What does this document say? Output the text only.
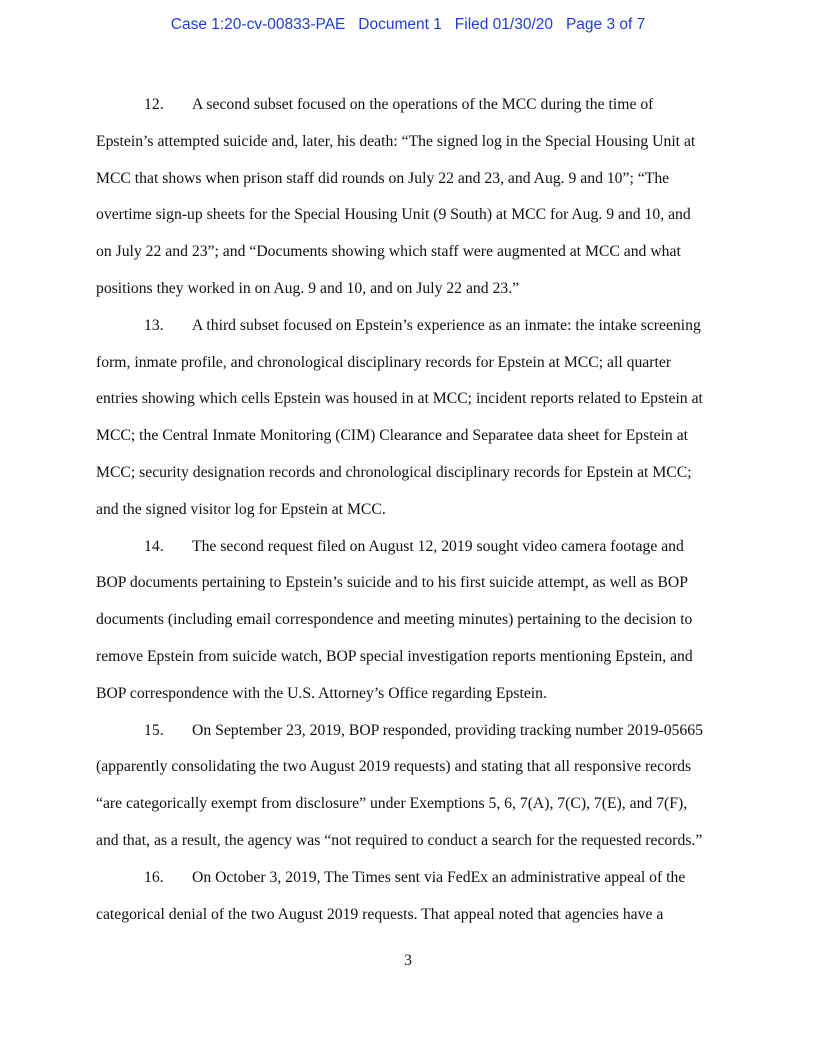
Case 1:20-cv-00833-PAE   Document 1   Filed 01/30/20   Page 3 of 7
12. A second subset focused on the operations of the MCC during the time of
Epstein’s attempted suicide and, later, his death: “The signed log in the Special Housing Unit at
MCC that shows when prison staff did rounds on July 22 and 23, and Aug. 9 and 10”; “The
overtime sign-up sheets for the Special Housing Unit (9 South) at MCC for Aug. 9 and 10, and
on July 22 and 23”; and “Documents showing which staff were augmented at MCC and what
positions they worked in on Aug. 9 and 10, and on July 22 and 23.”
13. A third subset focused on Epstein’s experience as an inmate: the intake screening
form, inmate profile, and chronological disciplinary records for Epstein at MCC; all quarter
entries showing which cells Epstein was housed in at MCC; incident reports related to Epstein at
MCC; the Central Inmate Monitoring (CIM) Clearance and Separatee data sheet for Epstein at
MCC; security designation records and chronological disciplinary records for Epstein at MCC;
and the signed visitor log for Epstein at MCC.
14. The second request filed on August 12, 2019 sought video camera footage and
BOP documents pertaining to Epstein’s suicide and to his first suicide attempt, as well as BOP
documents (including email correspondence and meeting minutes) pertaining to the decision to
remove Epstein from suicide watch, BOP special investigation reports mentioning Epstein, and
BOP correspondence with the U.S. Attorney’s Office regarding Epstein.
15. On September 23, 2019, BOP responded, providing tracking number 2019-05665
(apparently consolidating the two August 2019 requests) and stating that all responsive records
“are categorically exempt from disclosure” under Exemptions 5, 6, 7(A), 7(C), 7(E), and 7(F),
and that, as a result, the agency was “not required to conduct a search for the requested records.”
16. On October 3, 2019, The Times sent via FedEx an administrative appeal of the
categorical denial of the two August 2019 requests. That appeal noted that agencies have a
3
